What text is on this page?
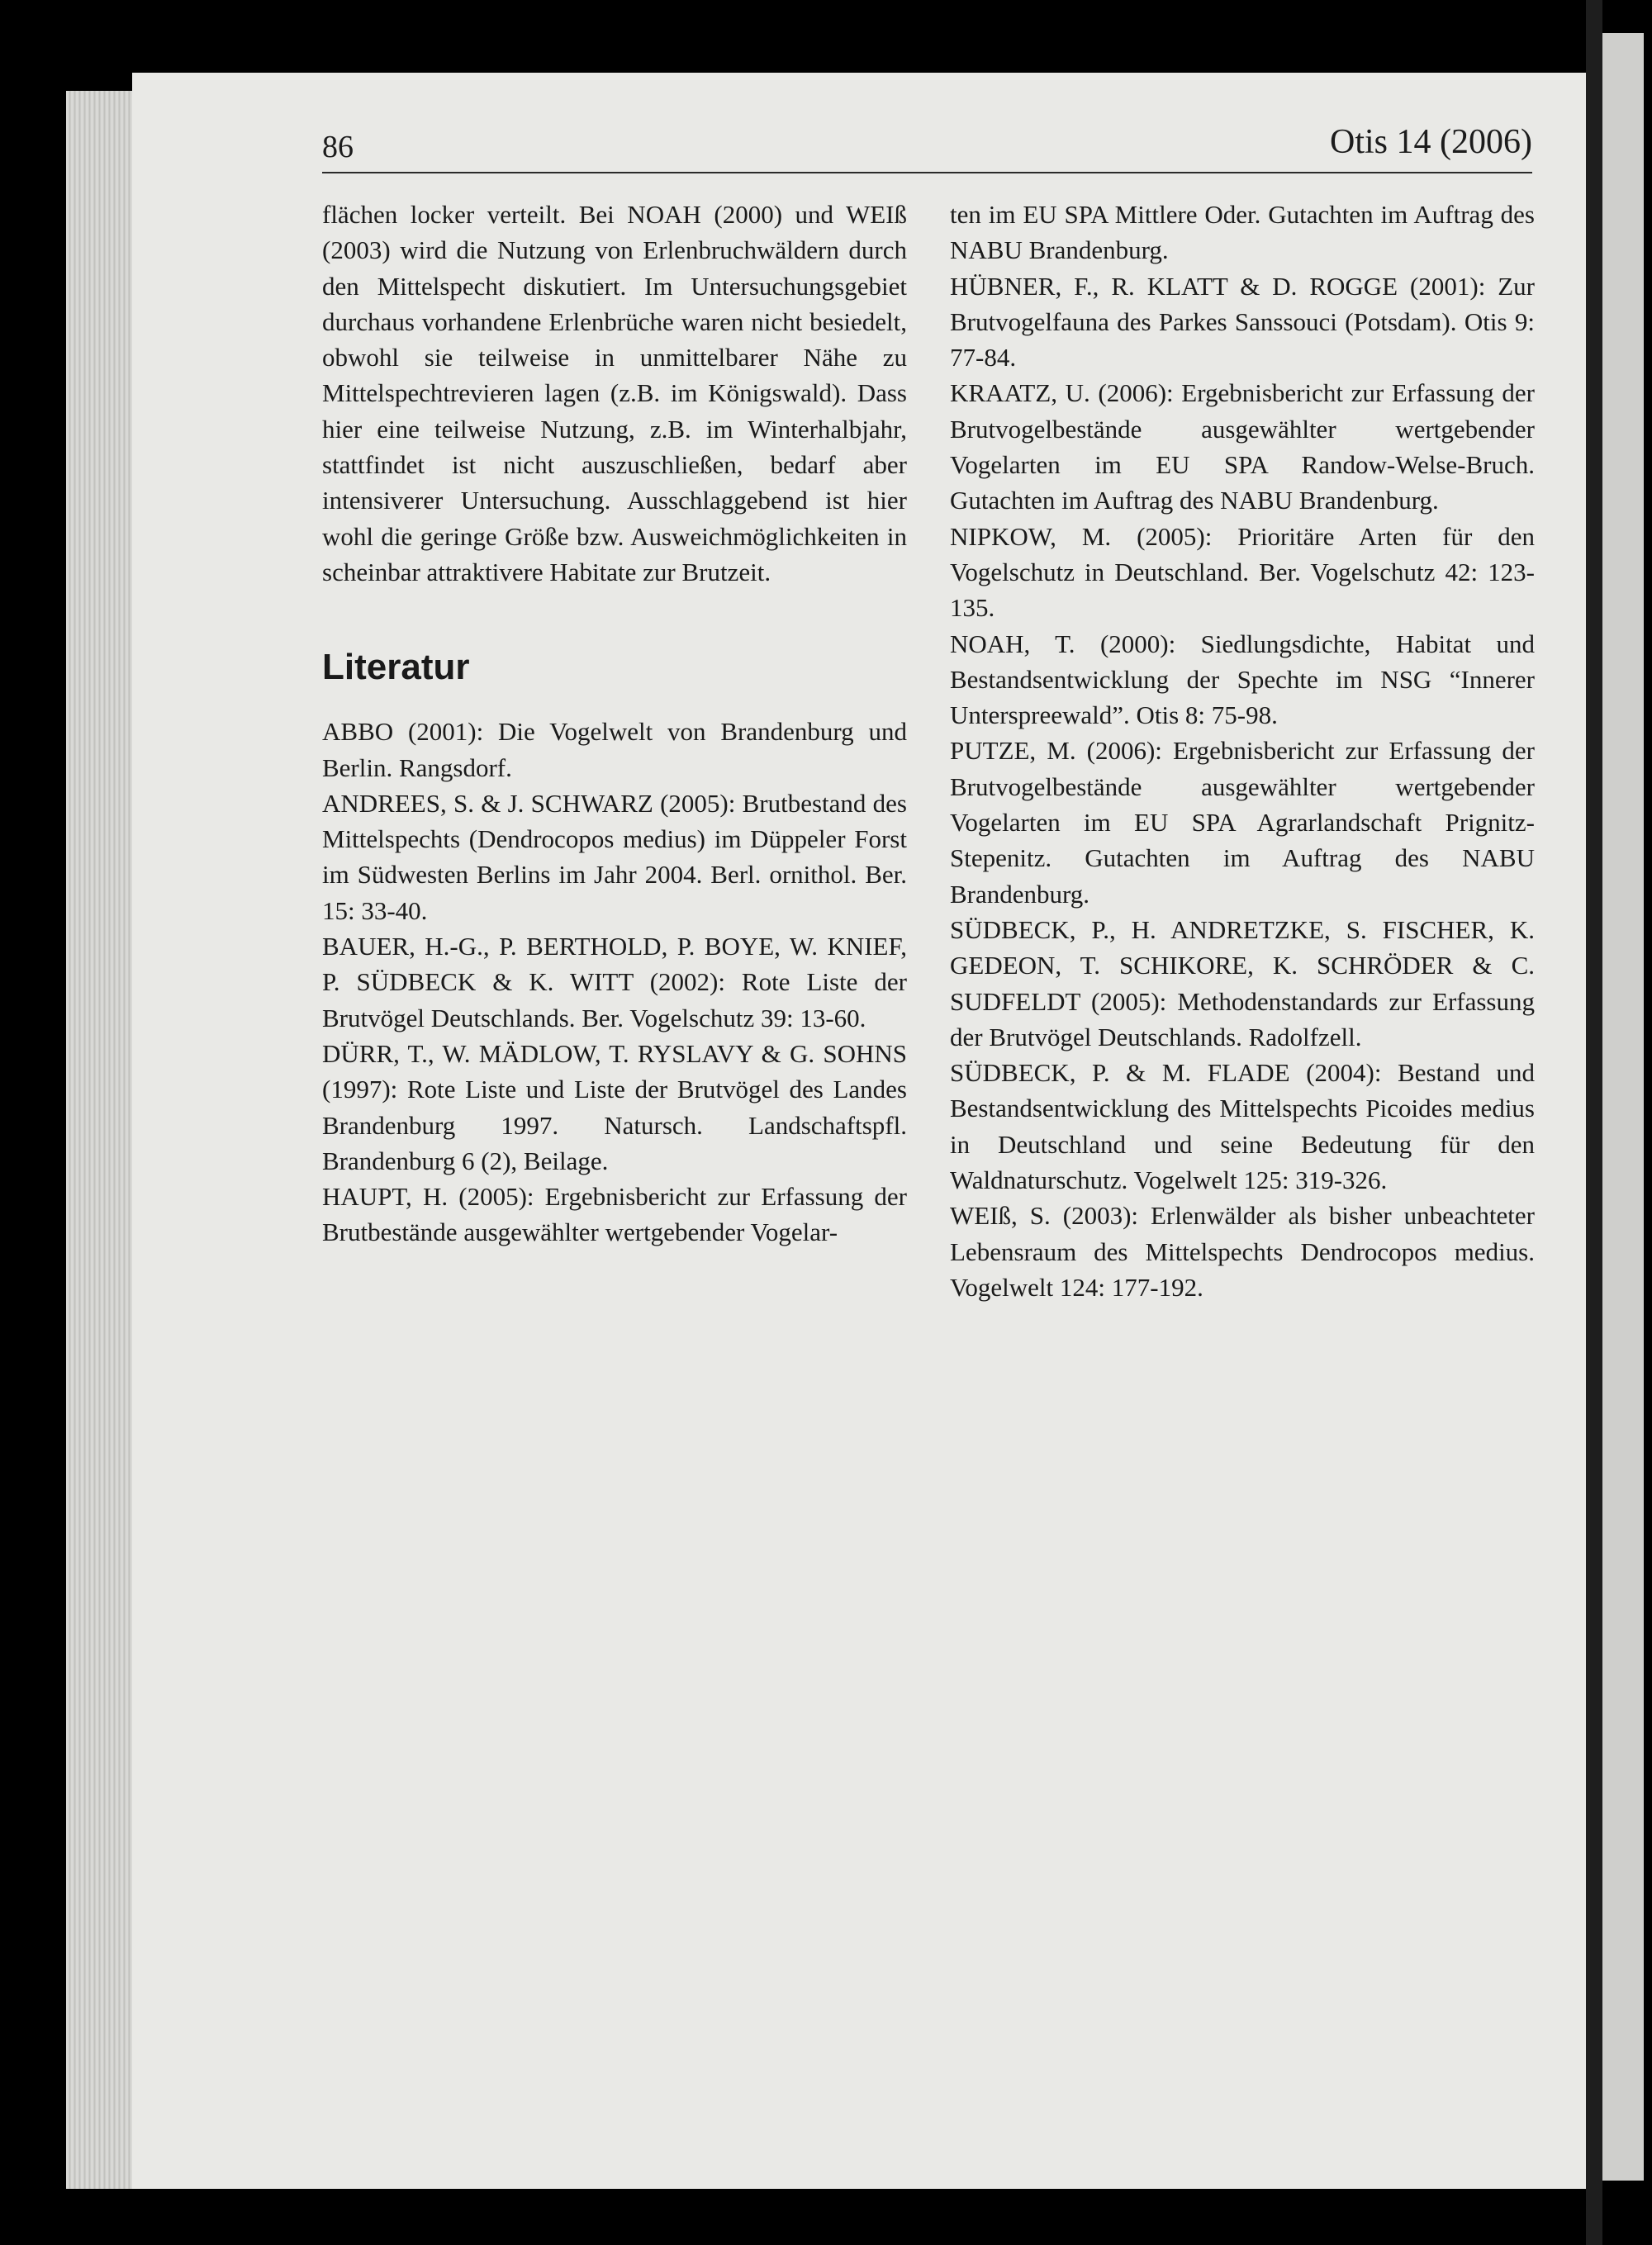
86	Otis 14 (2006)

flächen locker verteilt. Bei NOAH (2000) und WEIß (2003) wird die Nutzung von Erlenbruchwäldern durch den Mittelspecht diskutiert. Im Untersuchungsgebiet durchaus vorhandene Erlenbrüche waren nicht besiedelt, obwohl sie teilweise in unmittelbarer Nähe zu Mittelspechtrevieren lagen (z.B. im Königswald). Dass hier eine teilweise Nutzung, z.B. im Winterhalbjahr, stattfindet ist nicht auszuschließen, bedarf aber intensiverer Untersuchung. Ausschlaggebend ist hier wohl die geringe Größe bzw. Ausweichmöglichkeiten in scheinbar attraktivere Habitate zur Brutzeit.

Literatur

ABBO (2001): Die Vogelwelt von Brandenburg und Berlin. Rangsdorf.

ANDREES, S. & J. SCHWARZ (2005): Brutbestand des Mittelspechts (Dendrocopos medius) im Düppeler Forst im Südwesten Berlins im Jahr 2004. Berl. ornithol. Ber. 15: 33-40.

BAUER, H.-G., P. BERTHOLD, P. BOYE, W. KNIEF, P. SÜDBECK & K. WITT (2002): Rote Liste der Brutvögel Deutschlands. Ber. Vogelschutz 39: 13-60.

DÜRR, T., W. MÄDLOW, T. RYSLAVY & G. SOHNS (1997): Rote Liste und Liste der Brutvögel des Landes Brandenburg 1997. Natursch. Landschaftspfl. Brandenburg 6 (2), Beilage.

HAUPT, H. (2005): Ergebnisbericht zur Erfassung der Brutbestände ausgewählter wertgebender Vogelar-

ten im EU SPA Mittlere Oder. Gutachten im Auftrag des NABU Brandenburg.

HÜBNER, F., R. KLATT & D. ROGGE (2001): Zur Brutvogelfauna des Parkes Sanssouci (Potsdam). Otis 9: 77-84.

KRAATZ, U. (2006): Ergebnisbericht zur Erfassung der Brutvogelbestände ausgewählter wertgebender Vogelarten im EU SPA Randow-Welse-Bruch. Gutachten im Auftrag des NABU Brandenburg.

NIPKOW, M. (2005): Prioritäre Arten für den Vogelschutz in Deutschland. Ber. Vogelschutz 42: 123-135.

NOAH, T. (2000): Siedlungsdichte, Habitat und Bestandsentwicklung der Spechte im NSG “Innerer Unterspreewald”. Otis 8: 75-98.

PUTZE, M. (2006): Ergebnisbericht zur Erfassung der Brutvogelbestände ausgewählter wertgebender Vogelarten im EU SPA Agrarlandschaft Prignitz-Stepenitz. Gutachten im Auftrag des NABU Brandenburg.

SÜDBECK, P., H. ANDRETZKE, S. FISCHER, K. GEDEON, T. SCHIKORE, K. SCHRÖDER & C. SUDFELDT (2005): Methodenstandards zur Erfassung der Brutvögel Deutschlands. Radolfzell.

SÜDBECK, P. & M. FLADE (2004): Bestand und Bestandsentwicklung des Mittelspechts Picoides medius in Deutschland und seine Bedeutung für den Waldnaturschutz. Vogelwelt 125: 319-326.

WEIß, S. (2003): Erlenwälder als bisher unbeachteter Lebensraum des Mittelspechts Dendrocopos medius. Vogelwelt 124: 177-192.
